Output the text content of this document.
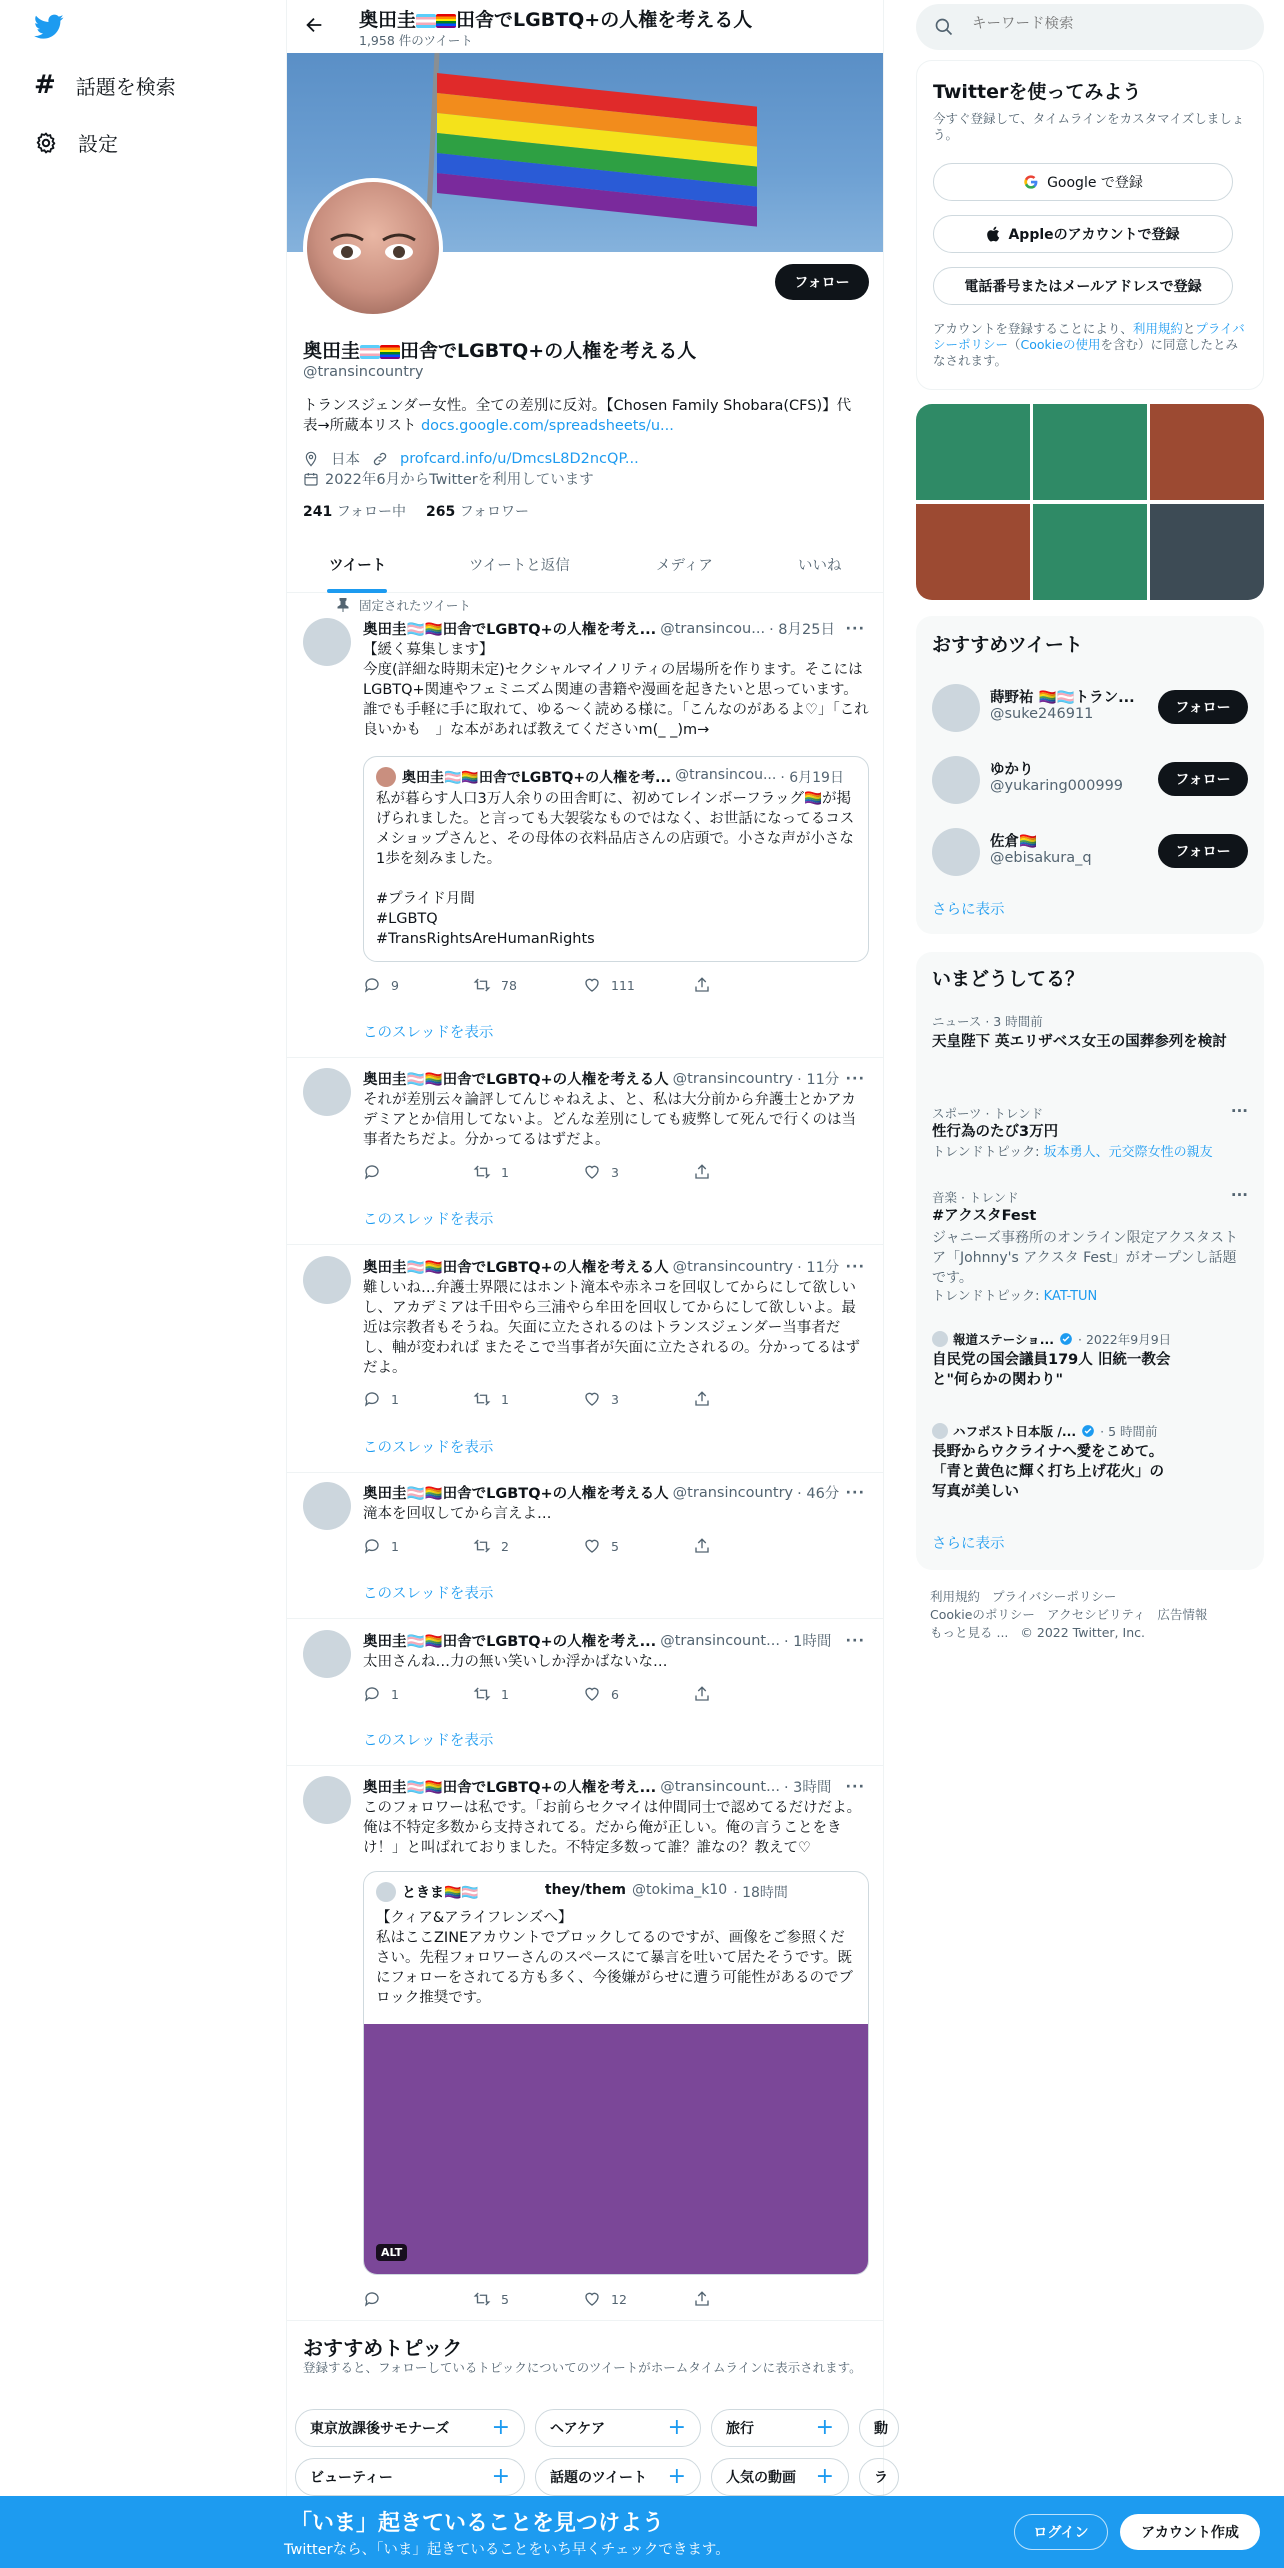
# 話題を検索
設定
奥田圭 田舎でLGBTQ+の人権を考える人
1,958 件のツイート
フォロー
奥田圭 田舎でLGBTQ+の人権を考える人
@transincountry
トランスジェンダー女性。全ての差別に反対。【Chosen Family Shobara(CFS)】代表→所蔵本リスト docs.google.com/spreadsheets/u...
日本	profcard.info/u/DmcsL8D2ncQP...
2022年6月からTwitterを利用しています
241 フォロー中 265 フォロワー
ツイート	ツイートと返信	メディア	いいね
固定されたツイート
奥田圭🏳️‍⚧️🏳️‍🌈田舎でLGBTQ+の人権を考え... @transincou... · 8月25日 ···
【緩く募集します】
今度(詳細な時期未定)セクシャルマイノリティの居場所を作ります。そこにはLGBTQ+関連やフェミニズム関連の書籍や漫画を起きたいと思っています。誰でも手軽に手に取れて、ゆる〜く読める様に。「こんなのがあるよ♡」「これ良いかも　」な本があれば教えてくださいm(_ _)m→
奥田圭🏳️‍⚧️🏳️‍🌈田舎でLGBTQ+の人権を考... @transincou... · 6月19日
私が暮らす人口3万人余りの田舎町に、初めてレインボーフラッグ🏳️‍🌈が掲げられました。と言っても大袈裟なものではなく、お世話になってるコスメショップさんと、その母体の衣料品店さんの店頭で。小さな声が小さな1歩を刻みました。

#プライド月間
#LGBTQ
#TransRightsAreHumanRights
9	78	111
このスレッドを表示
奥田圭🏳️‍⚧️🏳️‍🌈田舎でLGBTQ+の人権を考える人 @transincountry · 11分 ···
それが差別云々論評してんじゃねえよ、と、私は大分前から弁護士とかアカデミアとか信用してないよ。どんな差別にしても疲弊して死んで行くのは当事者たちだよ。分かってるはずだよ。
1	3
このスレッドを表示
奥田圭🏳️‍⚧️🏳️‍🌈田舎でLGBTQ+の人権を考える人 @transincountry · 11分 ···
難しいね…弁護士界隈にはホント滝本や赤ネコを回収してからにして欲しいし、アカデミアは千田やら三浦やら牟田を回収してからにして欲しいよ。最近は宗教者もそうね。矢面に立たされるのはトランスジェンダー当事者だし、軸が変われば またそこで当事者が矢面に立たされるの。分かってるはずだよ。
1	1	3
このスレッドを表示
奥田圭🏳️‍⚧️🏳️‍🌈田舎でLGBTQ+の人権を考える人 @transincountry · 46分 ···
滝本を回収してから言えよ…
1	2	5
このスレッドを表示
奥田圭🏳️‍⚧️🏳️‍🌈田舎でLGBTQ+の人権を考え... @transincount... · 1時間 ···
太田さんね…力の無い笑いしか浮かばないな…
1	1	6
このスレッドを表示
奥田圭🏳️‍⚧️🏳️‍🌈田舎でLGBTQ+の人権を考え... @transincount... · 3時間 ···
このフォロワーは私です。「お前らセクマイは仲間同士で認めてるだけだよ。俺は不特定多数から支持されてる。だから俺が正しい。俺の言うことをきけ！」と叫ばれておりました。不特定多数って誰？誰なの？教えて♡
ときま🏳️‍🌈🏳️‍⚧️	they/them @tokima_k10 · 18時間
【クィア&アライフレンズへ】
私はここZINEアカウントでブロックしてるのですが、画像をご参照ください。先程フォロワーさんのスペースにて暴言を吐いて居たそうです。既にフォローをされてる方も多く、今後嫌がらせに遭う可能性があるのでブロック推奨です。
ALT
5	12
おすすめトピック
登録すると、フォローしているトピックについてのツイートがホームタイムラインに表示されます。
東京放課後サモナーズ +	ヘアケア	+	旅行	+	動
ビューティー	+	話題のツイート +	人気の動画 +	ラ
キーワード検索
Twitterを使ってみよう
今すぐ登録して、タイムラインをカスタマイズしましょう。
Google で登録
Appleのアカウントで登録
電話番号またはメールアドレスで登録
アカウントを登録することにより、利用規約とプライバシーポリシー（Cookieの使用を含む）に同意したとみなされます。
おすすめツイート
蒔野祐 🏳️‍🌈🏳️‍⚧️トラン...
@suke246911	フォロー
ゆかり
@yukaring000999	フォロー
佐倉🏳️‍🌈
@ebisakura_q	フォロー
さらに表示
いまどうしてる？
ニュース · 3 時間前
天皇陛下 英エリザベス女王の国葬参列を検討
スポーツ · トレンド	···
性行為のたび3万円
トレンドトピック: 坂本勇人、元交際女性の親友
音楽 · トレンド	···
#アクスタFest
ジャニーズ事務所のオンライン限定アクスタストア「Johnny's アクスタ Fest」がオープンし話題です。
トレンドトピック: KAT-TUN
報道ステーショ... · 2022年9月9日
自民党の国会議員179人 旧統一教会と"何らかの関わり"
ハフポスト日本版 /... · 5 時間前
長野からウクライナへ愛をこめて。「青と黄色に輝く打ち上げ花火」の写真が美しい
さらに表示
利用規約 プライバシーポリシー
Cookieのポリシー アクセシビリティ 広告情報
もっと見る ... © 2022 Twitter, Inc.
「いま」起きていることを見つけよう
Twitterなら、「いま」起きていることをいち早くチェックできます。
ログイン	アカウント作成
